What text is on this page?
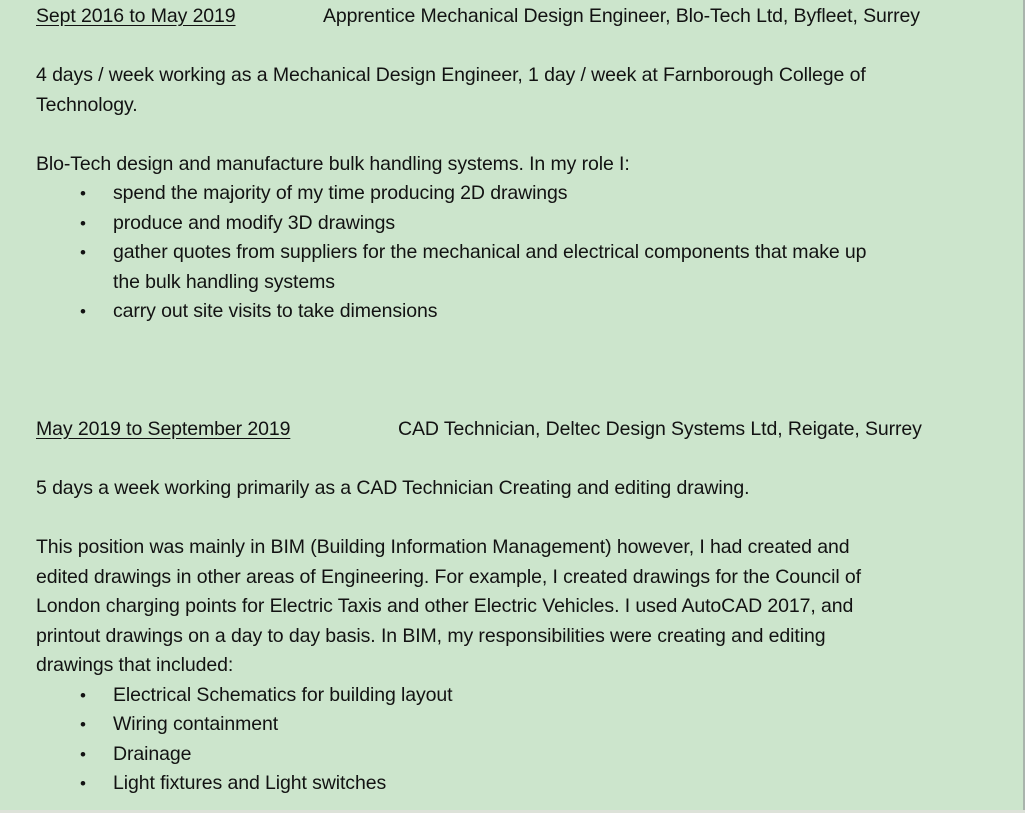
Sept 2016 to May 2019	Apprentice Mechanical Design Engineer, Blo-Tech Ltd, Byfleet, Surrey
4 days / week working as a Mechanical Design Engineer, 1 day / week at Farnborough College of
Technology.
Blo-Tech design and manufacture bulk handling systems. In my role I:
• spend the majority of my time producing 2D drawings
• produce and modify 3D drawings
• gather quotes from suppliers for the mechanical and electrical components that make up
the bulk handling systems
• carry out site visits to take dimensions
May 2019 to September 2019	CAD Technician, Deltec Design Systems Ltd, Reigate, Surrey
5 days a week working primarily as a CAD Technician Creating and editing drawing.
This position was mainly in BIM (Building Information Management) however, I had created and
edited drawings in other areas of Engineering. For example, I created drawings for the Council of
London charging points for Electric Taxis and other Electric Vehicles. I used AutoCAD 2017, and
printout drawings on a day to day basis. In BIM, my responsibilities were creating and editing
drawings that included:
• Electrical Schematics for building layout
• Wiring containment
• Drainage
• Light fixtures and Light switches
